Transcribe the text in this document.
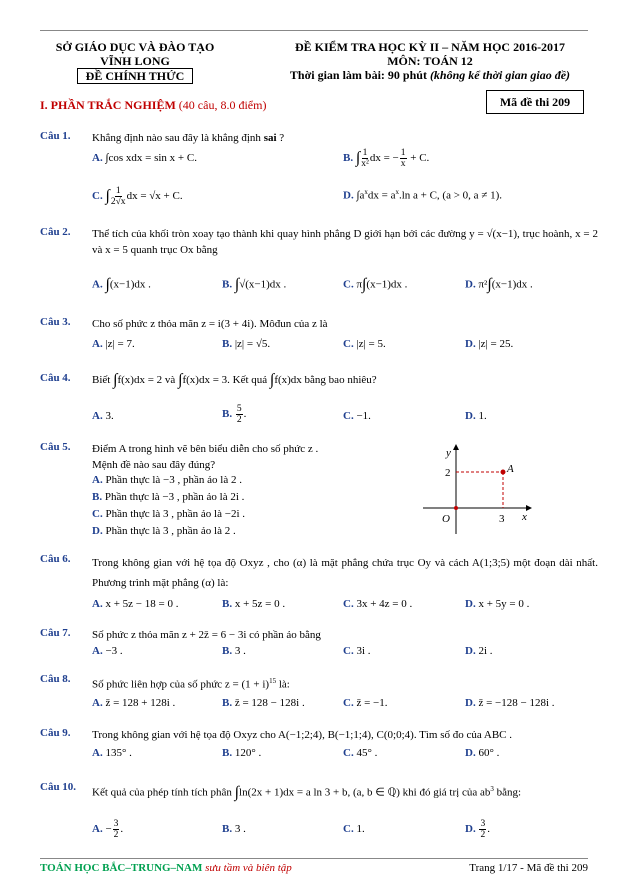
SỞ GIÁO DỤC VÀ ĐÀO TẠO
VĨNH LONG
ĐỀ CHÍNH THỨC
ĐỀ KIỂM TRA HỌC KỲ II – NĂM HỌC 2016-2017
MÔN: TOÁN 12
Thời gian làm bài: 90 phút (không kể thời gian giao đề)
I. PHẦN TRẮC NGHIỆM (40 câu, 8.0 điểm)	Mã đề thi 209
Câu 1. Khẳng định nào sau đây là khẳng định sai ?
A. ∫cos xdx = sin x + C.	B. ∫ $\frac{1}{\text{x²}}$ dx = − $\frac{1}{x} + C$.
C. ∫ $\frac{1}{2√x}$ dx = √x + C.	D. $\int a^xdx = a^x.\ln$ a + C, (a > 0, a ≠ 1).
Câu 2. Thể tích của khối tròn xoay tạo thành khi quay hình phẳng D giới hạn bởi các đường y = √(x−1), trục hoành, x = 2 và x = 5 quanh trục Ox bằng
A. ∫(x−1)dx .	B. ∫√(x−1)dx .	C. π∫(x−1)dx .	D. π²∫(x−1)dx .
Câu 3. Cho số phức z thỏa mãn z = i(3 + 4i). Môđun của z là
A. |z| = 7.	B. |z| = √5.	C. |z| = 5.	D. |z| = 25.
Câu 4. Biết ∫f(x)dx = 2 và ∫f(x)dx = 3. Kết quả ∫f(x)dx bằng bao nhiêu?
A. 3.	B. $\frac{5}{2}$ .	C. −1.	D. 1.
Câu 5. Điểm A trong hình vẽ bên biểu diễn cho số phức z .
Mệnh đề nào sau đây đúng?
A. Phần thực là −3 , phần ảo là 2 .
B. Phần thực là −3 , phần ảo là 2i .
C. Phần thực là 3 , phần ảo là −2i .
D. Phần thực là 3 , phần ảo là 2 .
y
x
O
2
3
A
Câu 6. Trong không gian với hệ tọa độ Oxyz , cho (α) là mặt phẳng chứa trục Oy và cách A(1;3;5) một đoạn dài nhất. Phương trình mặt phẳng (α) là:
A. x + 5z − 18 = 0 .	B. x + 5z = 0 .	C. 3x + 4z = 0 .	D. x + 5y = 0 .
Câu 7. Số phức z thỏa mãn z + 2z̄ = 6 − 3i có phần ảo bằng
A. −3 .	B. 3 .	C. 3i .	D. 2i .
Câu 8. Số phức liên hợp của số phức $z = (1 + i)^{15}$ là:
A. z̄ = 128 + 128i .	B. z̄ = 128 − 128i .	C. z̄ = −1.	D. z̄ = −128 − 128i .
Câu 9. Trong không gian với hệ tọa độ Oxyz cho A(−1;2;4), B(−1;1;4), C(0;0;4). Tìm số đo của ABC .
A. 135° .	B. 120° .	C. 45° .	D. 60° .
Câu 10. Kết quả của phép tính tích phân ∫ln(2x + 1)dx = a ln 3 + b, (a, b ∈ ℚ) khi đó giá trị của $ab^3$ bằng:
A. − $\frac{3}{2}$ .	B. 3 .	C. 1.	D. $\frac{3}{2}$ .
TOÁN HỌC BẮC–TRUNG–NAM sưu tầm và biên tập	Trang 1/17 - Mã đề thi 209
